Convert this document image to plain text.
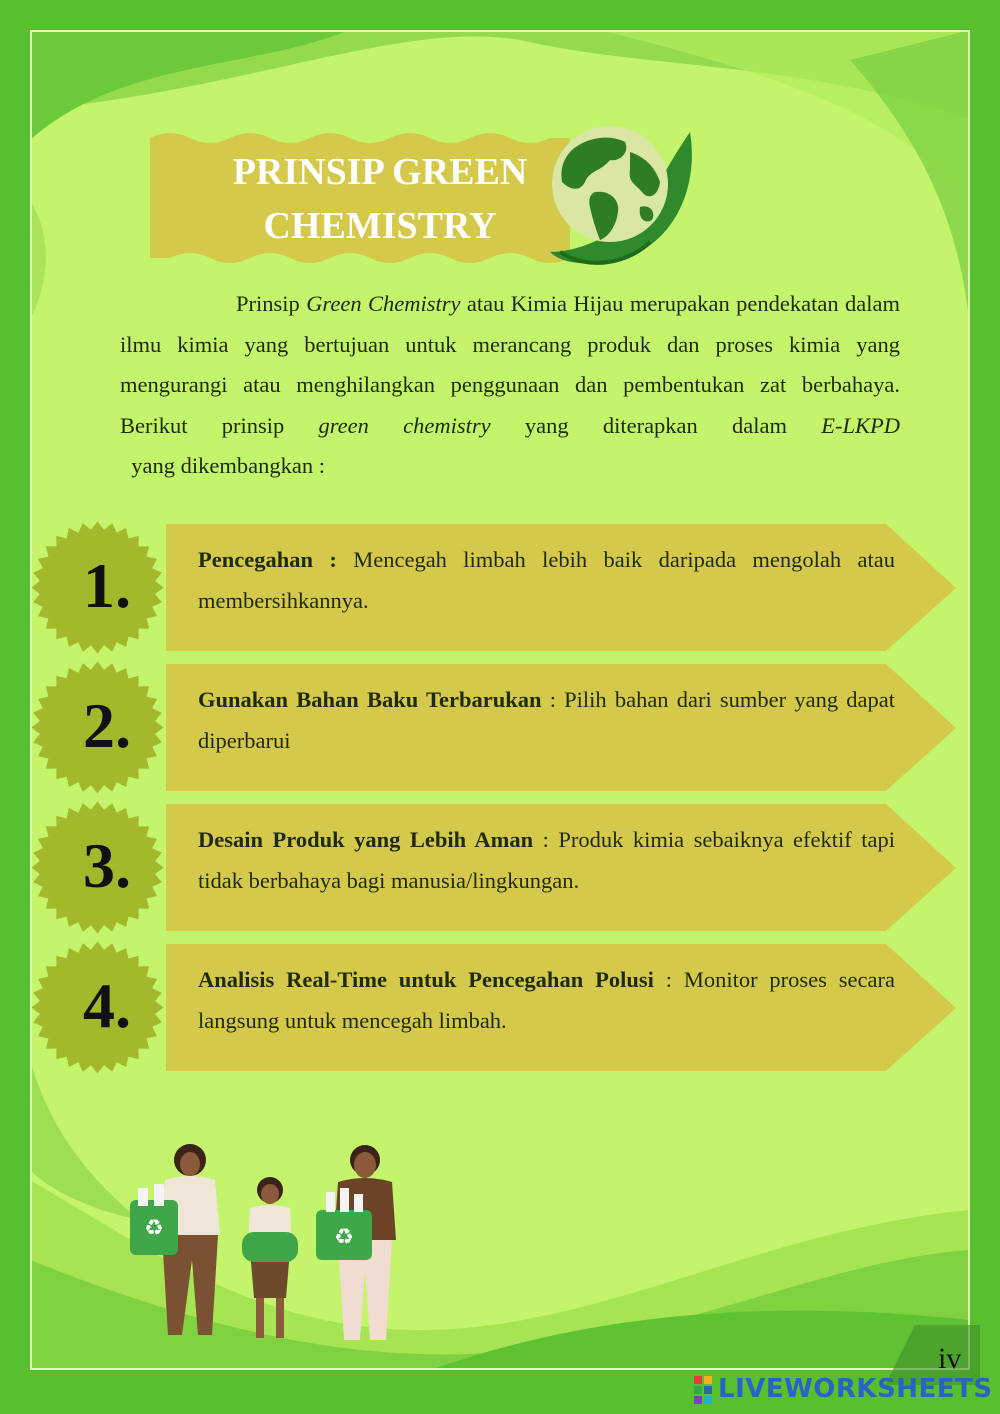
PRINSIP GREEN
CHEMISTRY

Prinsip Green Chemistry atau Kimia Hijau merupakan pendekatan dalam ilmu kimia yang bertujuan untuk merancang produk dan proses kimia yang mengurangi atau menghilangkan penggunaan dan pembentukan zat berbahaya. Berikut prinsip green chemistry yang diterapkan dalam E-LKPD  yang dikembangkan :

1.	Pencegahan : Mencegah limbah lebih baik daripada mengolah atau membersihkannya.
2.	Gunakan Bahan Baku Terbarukan : Pilih bahan dari sumber yang dapat diperbarui
3.	Desain Produk yang Lebih Aman : Produk kimia sebaiknya efektif tapi tidak berbahaya bagi manusia/lingkungan.
4.	Analisis Real-Time untuk Pencegahan Polusi : Monitor proses secara langsung untuk mencegah limbah.
♻	♻
iv
LIVEWORKSHEETS
